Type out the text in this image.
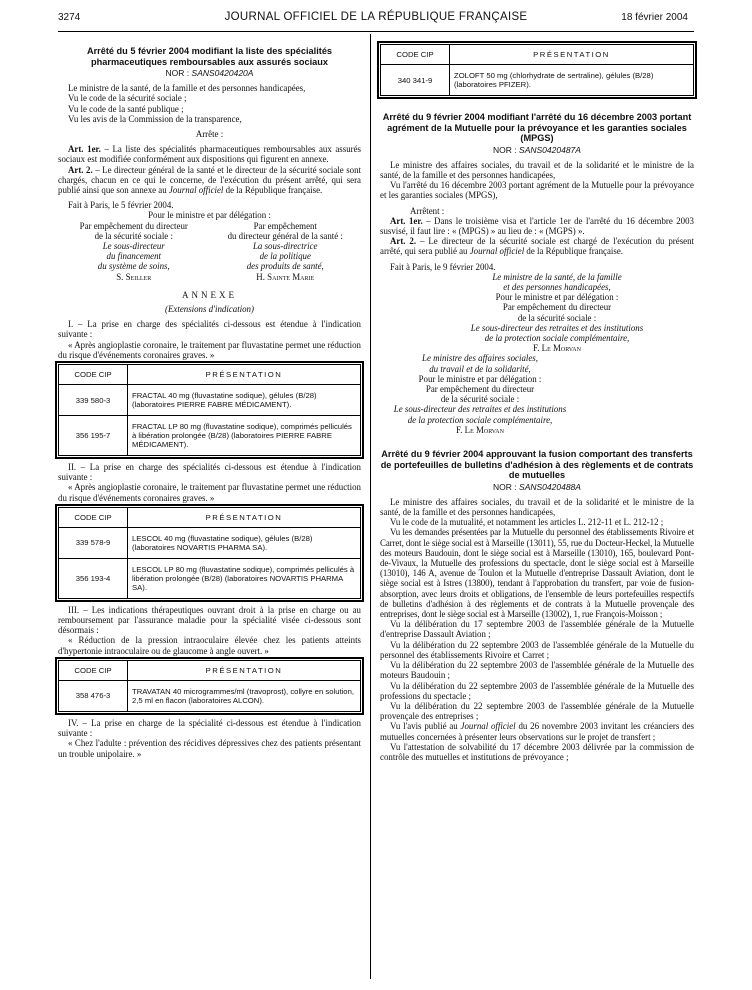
3274	JOURNAL OFFICIEL DE LA RÉPUBLIQUE FRANÇAISE	18 février 2004

Arrêté du 5 février 2004 modifiant la liste des spécialités pharmaceutiques remboursables aux assurés sociaux

NOR : SANS0420420A

Le ministre de la santé, de la famille et des personnes handicapées,

Vu le code de la sécurité sociale ;

Vu le code de la santé publique ;

Vu les avis de la Commission de la transparence,

Arrête :

Art. 1er. – La liste des spécialités pharmaceutiques remboursables aux assurés sociaux est modifiée conformément aux dispositions qui figurent en annexe.

Art. 2. – Le directeur général de la santé et le directeur de la sécurité sociale sont chargés, chacun en ce qui le concerne, de l'exécution du présent arrêté, qui sera publié ainsi que son annexe au Journal officiel de la République française.

Fait à Paris, le 5 février 2004.

Pour le ministre et par délégation :

Par empêchement du directeur

de la sécurité sociale :

Le sous-directeur

du financement

du système de soins,

S. Seiller

Par empêchement

du directeur général de la santé :

La sous-directrice

de la politique

des produits de santé,

H. Sainte Marie

ANNEXE

(Extensions d'indication)

I. – La prise en charge des spécialités ci-dessous est étendue à l'indication suivante :

« Après angioplastie coronaire, le traitement par fluvastatine permet une réduction du risque d'événements coronaires graves. »

CODE CIP	PRÉSENTATION
339 580-3	FRACTAL 40 mg (fluvastatine sodique), gélules (B/28) (laboratoires PIERRE FABRE MÉDICAMENT).
356 195-7	FRACTAL LP 80 mg (fluvastatine sodique), comprimés pelliculés à libération prolongée (B/28) (laboratoires PIERRE FABRE MÉDICAMENT).

II. – La prise en charge des spécialités ci-dessous est étendue à l'indication suivante :

« Après angioplastie coronaire, le traitement par fluvastatine permet une réduction du risque d'événements coronaires graves. »

CODE CIP	PRÉSENTATION
339 578-9	LESCOL 40 mg (fluvastatine sodique), gélules (B/28) (laboratoires NOVARTIS PHARMA SA).
356 193-4	LESCOL LP 80 mg (fluvastatine sodique), comprimés pelliculés à libération prolongée (B/28) (laboratoires NOVARTIS PHARMA SA).

III. – Les indications thérapeutiques ouvrant droit à la prise en charge ou au remboursement par l'assurance maladie pour la spécialité visée ci-dessous sont désormais :

« Réduction de la pression intraoculaire élevée chez les patients atteints d'hypertonie intraoculaire ou de glaucome à angle ouvert. »

CODE CIP	PRÉSENTATION
358 476-3	TRAVATAN 40 microgrammes/ml (travoprost), collyre en solution, 2,5 ml en flacon (laboratoires ALCON).

IV. – La prise en charge de la spécialité ci-dessous est étendue à l'indication suivante :

« Chez l'adulte : prévention des récidives dépressives chez des patients présentant un trouble unipolaire. »

CODE CIP	PRÉSENTATION
340 341-9	ZOLOFT 50 mg (chlorhydrate de sertraline), gélules (B/28) (laboratoires PFIZER).

Arrêté du 9 février 2004 modifiant l'arrêté du 16 décembre 2003 portant agrément de la Mutuelle pour la prévoyance et les garanties sociales (MPGS)

NOR : SANS0420487A

Le ministre des affaires sociales, du travail et de la solidarité et le ministre de la santé, de la famille et des personnes handicapées,

Vu l'arrêté du 16 décembre 2003 portant agrément de la Mutuelle pour la prévoyance et les garanties sociales (MPGS),

Arrêtent :

Art. 1er. – Dans le troisième visa et l'article 1er de l'arrêté du 16 décembre 2003 susvisé, il faut lire : « (MPGS) » au lieu de : « (MGPS) ».

Art. 2. – Le directeur de la sécurité sociale est chargé de l'exécution du présent arrêté, qui sera publié au Journal officiel de la République française.

Fait à Paris, le 9 février 2004.

Le ministre de la santé, de la famille

et des personnes handicapées,

Pour le ministre et par délégation :

Par empêchement du directeur

de la sécurité sociale :

Le sous-directeur des retraites et des institutions

de la protection sociale complémentaire,

F. Le Morvan

Le ministre des affaires sociales,

du travail et de la solidarité,

Pour le ministre et par délégation :

Par empêchement du directeur

de la sécurité sociale :

Le sous-directeur des retraites et des institutions

de la protection sociale complémentaire,

F. Le Morvan

Arrêté du 9 février 2004 approuvant la fusion comportant des transferts de portefeuilles de bulletins d'adhésion à des règlements et de contrats de mutuelles

NOR : SANS0420488A

Le ministre des affaires sociales, du travail et de la solidarité et le ministre de la santé, de la famille et des personnes handicapées,

Vu le code de la mutualité, et notamment les articles L. 212-11 et L. 212-12 ;

Vu les demandes présentées par la Mutuelle du personnel des établissements Rivoire et Carret, dont le siège social est à Marseille (13011), 55, rue du Docteur-Heckel, la Mutuelle des moteurs Baudouin, dont le siège social est à Marseille (13010), 165, boulevard Pont-de-Vivaux, la Mutuelle des professions du spectacle, dont le siège social est à Marseille (13010), 146 A, avenue de Toulon et la Mutuelle d'entreprise Dassault Aviation, dont le siège social est à Istres (13800), tendant à l'approbation du transfert, par voie de fusion-absorption, avec leurs droits et obligations, de l'ensemble de leurs portefeuilles respectifs de bulletins d'adhésion à des règlements et de contrats à la Mutuelle provençale des entreprises, dont le siège social est à Marseille (13002), 1, rue François-Moisson ;

Vu la délibération du 17 septembre 2003 de l'assemblée générale de la Mutuelle d'entreprise Dassault Aviation ;

Vu la délibération du 22 septembre 2003 de l'assemblée générale de la Mutuelle du personnel des établissements Rivoire et Carret ;

Vu la délibération du 22 septembre 2003 de l'assemblée générale de la Mutuelle des moteurs Baudouin ;

Vu la délibération du 22 septembre 2003 de l'assemblée générale de la Mutuelle des professions du spectacle ;

Vu la délibération du 22 septembre 2003 de l'assemblée générale de la Mutuelle provençale des entreprises ;

Vu l'avis publié au Journal officiel du 26 novembre 2003 invitant les créanciers des mutuelles concernées à présenter leurs observations sur le projet de transfert ;

Vu l'attestation de solvabilité du 17 décembre 2003 délivrée par la commission de contrôle des mutuelles et institutions de prévoyance ;
